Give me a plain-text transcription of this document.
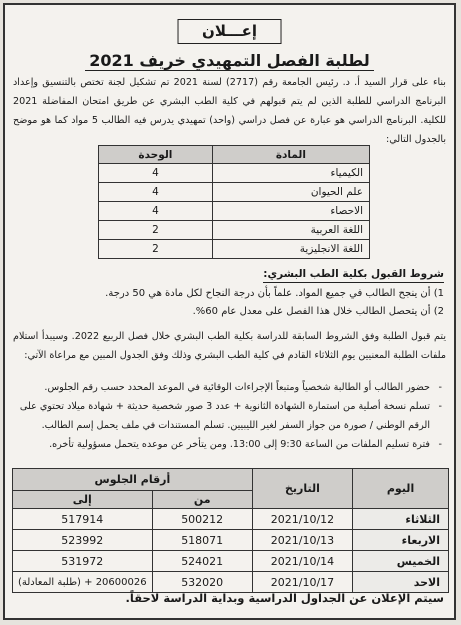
إعـــلان
لطلبة الفصل التمهيدي خريف 2021
بناء على قرار السيد أ. د. رئيس الجامعة رقم (2717) لسنة 2021 تم تشكيل لجنة تختص بالتنسيق وإعداد البرنامج الدراسي للطلبة الذين لم يتم قبولهم في كلية الطب البشري عن طريق امتحان المفاضلة 2021 للكلية. البرنامج الدراسي هو عبارة عن فصل دراسي (واحد) تمهيدي يدرس فيه الطالب 5 مواد كما هو موضح بالجدول التالي:
المادة	الوحدة
الكيمياء	4
علم الحيوان	4
الاحصاء	4
اللغة العربية	2
اللغة الانجليزية	2
شروط القبول بكلية الطب البشري:
1) أن ينجح الطالب في جميع المواد. علماً بأن درجة النجاح لكل مادة هي 50 درجة.
2) أن يتحصل الطالب خلال هذا الفصل على معدل عام 60%.
يتم قبول الطلبة وفق الشروط السابقة للدراسة بكلية الطب البشري خلال فصل الربيع 2022. وسيبدأ استلام ملفات الطلبة المعنيين يوم الثلاثاء القادم في كلية الطب البشري وذلك وفق الجدول المبين مع مراعاة الآتي:
- حضور الطالب أو الطالبة شخصياً ومتبعاً الإجراءات الوقائية في الموعد المحدد حسب رقم الجلوس.
- تسلم نسخة أصلية من استمارة الشهادة الثانوية + عدد 3 صور شخصية حديثة + شهادة ميلاد تحتوي على الرقم الوطني / صورة من جواز السفر لغير الليبيين. تسلم المستندات في ملف يحمل إسم الطالب.
- فترة تسليم الملفات من الساعة 9:30 إلى 13:00. ومن يتأخر عن موعده يتحمل مسؤولية تأخره.
اليوم	التاريخ	أرقام الجلوس	
		من	إلى
الثلاثاء	2021/10/12	500212	517914
الاربعاء	2021/10/13	518071	523992
الخميس	2021/10/14	524021	531972
الاحد	2021/10/17	532020	20600026 + (طلبة المعادلة)
سيتم الإعلان عن الجداول الدراسية وبداية الدراسة لاحقاً.
